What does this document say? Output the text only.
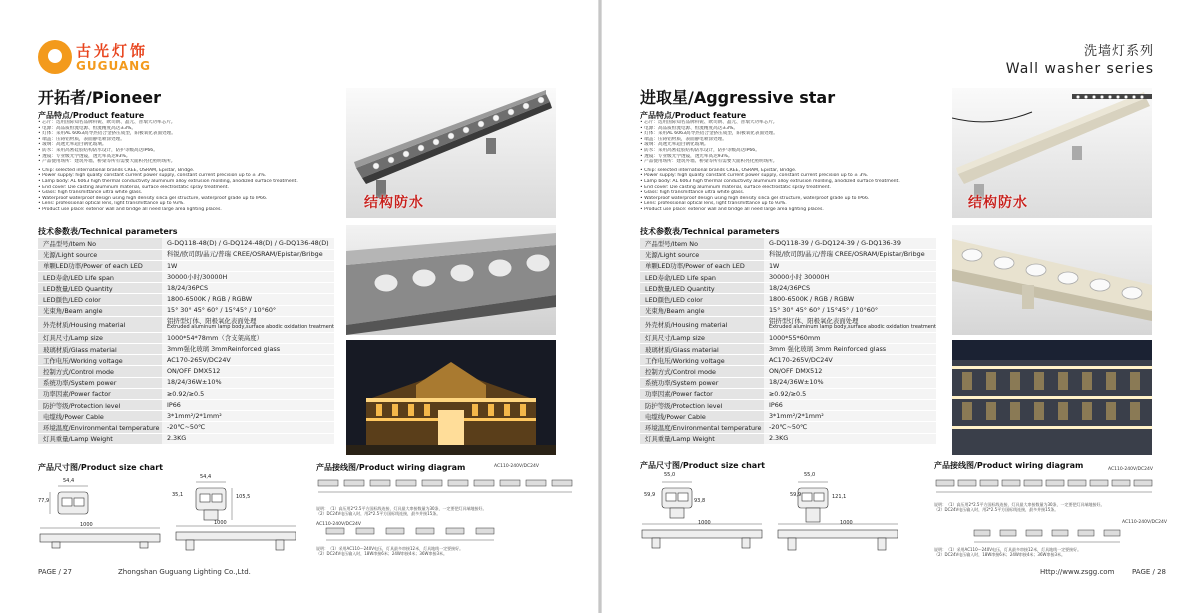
古光灯饰
GUGUANG
开拓者/Pioneer
产品特点/Product feature
• 芯片：选用国际知名品牌科锐、欧司朗、晶元、普瑞大功率芯片。
• 电源：高品质恒流电源、恒流精度高达±3%。
• 灯体：采用AL 6063高导热铝合金挤压成型，阳极氧化表面处理。
• 端盖：压铸铝材质，表面静电喷涂处理。
• 玻璃：高透光率超白钢化玻璃。
• 防水：采用高密硅胶结构防水设计，防护等级高达IP66。
• 透镜：专业级光学透镜，透光率高达93%。
• 产品使用场所：建筑外墙、桥梁等所有需要大面积亮化照明场所。
• Chip: selected international brands CREE, OSRAM, Epistar, Bridge.
• Power supply: high quality constant current power supply, constant current precision up to ± 3%.
• Lamp body: AL 6063 high thermal conductivity aluminum alloy extrusion molding, anodized surface treatment.
• End cover: Die casting aluminum material, surface electrostatic spray treatment.
• Glass: high transmittance ultra white glass.
• Waterproof waterproof design using high density silica gel structure, waterproof grade up to IP66.
• Lens: professional optical lens, light transmittance up to 93%.
• Product use place: exterior wall and bridge all need large area lighting places.
技术参数表/Technical parameters
产品型号/Item No	G-DQ118-48(D) / G-DQ124-48(D) / G-DQ136-48(D)
光源/Light source	科锐/欧司朗/晶元/普瑞 CREE/OSRAM/Epistar/Bribge
单颗LED功率/Power of each LED	1W
LED寿命/LED Life span	30000小时/30000H
LED数量/LED Quantity	18/24/36PCS
LED颜色/LED color	1800-6500K / RGB / RGBW
光束角/Beam angle	15° 30° 45° 60° / 15°45° / 10°60°
外壳材质/Housing material	铝挤型灯体、阳极氧化表面处理
Extruded aluminum lamp body,surface abodic oxidation treatment

灯具尺寸/Lamp size	1000*54*78mm（含支架高度）
玻璃材质/Glass material	3mm强化玻璃 3mmReinforced glass
工作电压/Working voltage	AC170-265V/DC24V
控制方式/Control mode	ON/OFF DMX512
系统功率/System power	18/24/36W±10%
功率因素/Power factor	≥0.92/≥0.5
防护等级/Protection level	IP66
电缆线/Power Cable	3*1mm²/2*1mm²
环境温度/Environmental temperature	-20℃~50℃
灯具重量/Lamp Weight	2.3KG
结构防水
产品尺寸图/Product size chart
54,4
77,9
54,4
35,1	105,5
1000	1000
产品接线图/Product wiring diagram	AC110-240V/DC24V
说明：（1）高压用2*2.5平方国标线连接，灯具最大串接数量为30条，一定要把灯具端地接好。
（2）DC24V电压输入时，用2*2.5平方国标线连接，最多并接15条。
AC110-240V/DC24V
说明：（1）采用AC110～240V电压，灯具最多串接12米，灯具地线一定要接好。
（2）DC24V电压输入时，18W串接6米；24W串接4米；36W串接3米。
PAGE / 27	Zhongshan Guguang Lighting Co.,Ltd.
洗墙灯系列
Wall washer series
进取星/Aggressive star
产品特点/Product feature
• 芯片：选用国际知名品牌科锐、欧司朗、晶元、普瑞大功率芯片。
• 电源：高品质恒流电源、恒流精度高达±3%。
• 灯体：采用AL 6063高导热铝合金挤压成型，阳极氧化表面处理。
• 端盖：压铸铝材质，表面静电喷涂处理。
• 玻璃：高透光率超白钢化玻璃。
• 防水：采用高密硅胶结构防水设计，防护等级高达IP66。
• 透镜：专业级光学透镜，透光率高达93%。
• 产品使用场所：建筑外墙、桥梁等所有需要大面积亮化照明场所。
• Chip: selected international brands CREE, OSRAM, Epistar, Bridge.
• Power supply: high quality constant current power supply, constant current precision up to ± 3%.
• Lamp body: AL 6063 high thermal conductivity aluminum alloy extrusion molding, anodized surface treatment.
• End cover: Die casting aluminum material, surface electrostatic spray treatment.
• Glass: high transmittance ultra white glass.
• Waterproof waterproof design using high density silica gel structure, waterproof grade up to IP66.
• Lens: professional optical lens, light transmittance up to 93%.
• Product use place: exterior wall and bridge all need large area lighting places.
技术参数表/Technical parameters
产品型号/Item No	G-DQ118-39 / G-DQ124-39 / G-DQ136-39
光源/Light source	科锐/欧司朗/晶元/普瑞 CREE/OSRAM/Epistar/Bribge
单颗LED功率/Power of each LED	1W
LED寿命/LED Life span	30000小时 30000H
LED数量/LED Quantity	18/24/36PCS
LED颜色/LED color	1800-6500K / RGB / RGBW
光束角/Beam angle	15° 30° 45° 60° / 15°45° / 10°60°
外壳材质/Housing material	铝挤型灯体、阳极氧化表面处理
Extruded aluminum lamp body,surface abodic oxidation treatment

灯具尺寸/Lamp size	1000*55*60mm
玻璃材质/Glass material	3mm 强化玻璃 3mm Reinforced glass
工作电压/Working voltage	AC170-265V/DC24V
控制方式/Control mode	ON/OFF DMX512
系统功率/System power	18/24/36W±10%
功率因素/Power factor	≥0.92/≥0.5
防护等级/Protection level	IP66
电缆线/Power Cable	3*1mm²/2*1mm²
环境温度/Environmental temperature	-20℃~50℃
灯具重量/Lamp Weight	2.3KG
结构防水
产品尺寸图/Product size chart
55,0
59,9
93,8
55,0
59,9	121,1
1000	1000
产品接线图/Product wiring diagram	AC110-240V/DC24V
说明：（1）高压用2*2.5平方国标线连接，灯具最大串接数量为30条，一定要把灯具端地接好。
（2）DC24V电压输入时，用2*2.5平方国标线连接，最多并接15条。
AC110-240V/DC24V
说明：（1）采用AC110～240V电压，灯具最多串接12米，灯具地线一定要接好。
（2）DC24V电压输入时，18W串接6米；24W串接4米；36W串接3米。
Http://www.zsgg.com	PAGE / 28
